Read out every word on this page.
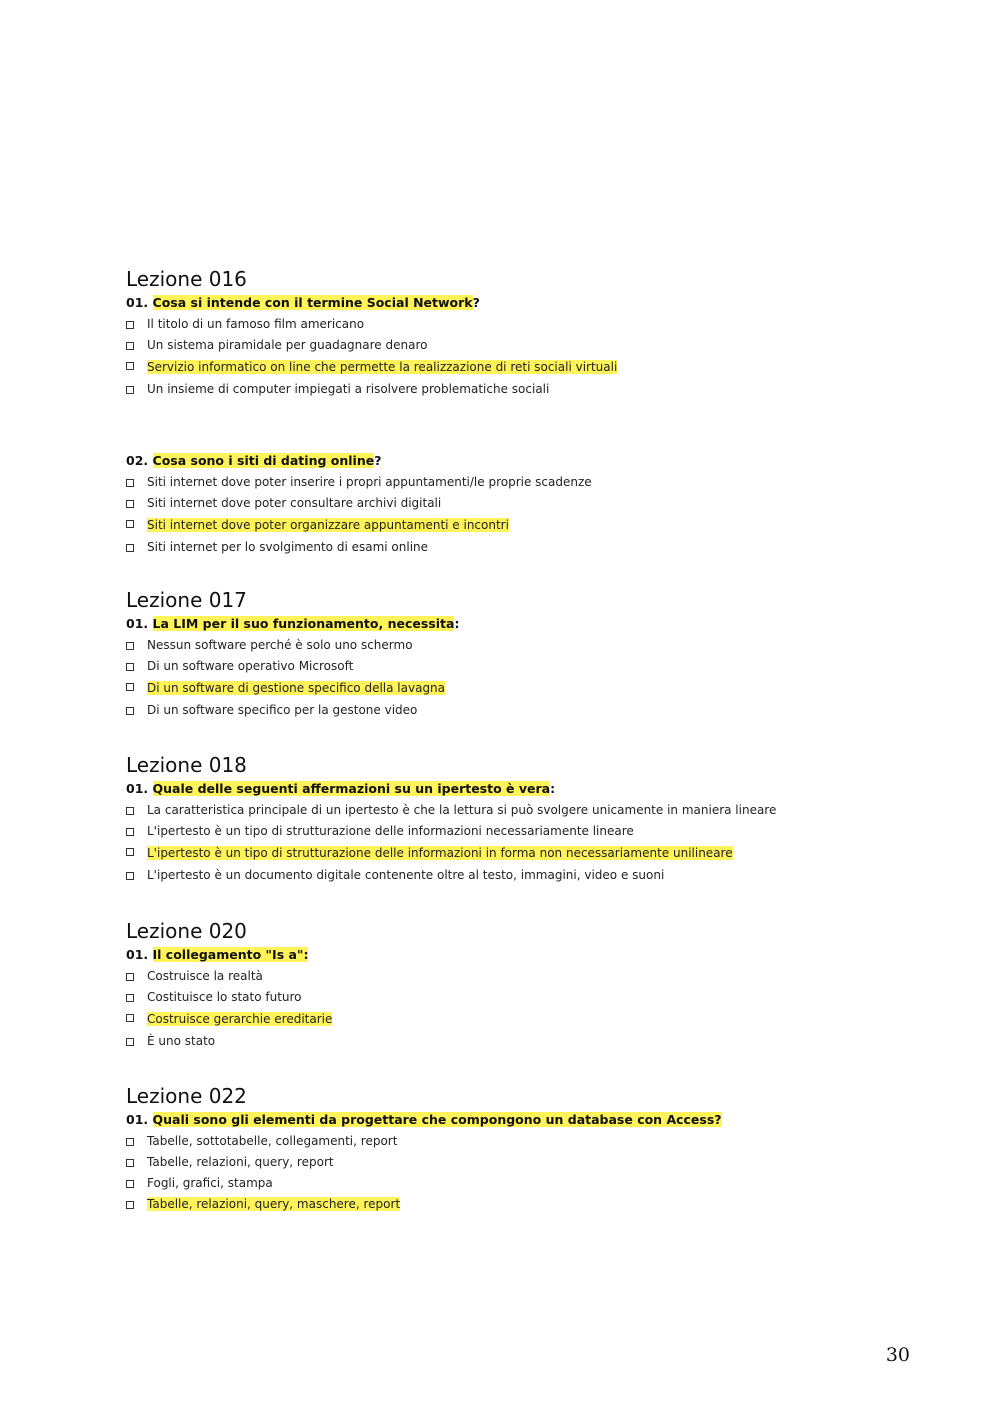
Lezione 016
01. Cosa si intende con il termine Social Network?
Il titolo di un famoso film americano
Un sistema piramidale per guadagnare denaro
Servizio informatico on line che permette la realizzazione di reti sociali virtuali
Un insieme di computer impiegati a risolvere problematiche sociali
02. Cosa sono i siti di dating online?
Siti internet dove poter inserire i propri appuntamenti/le proprie scadenze
Siti internet dove poter consultare archivi digitali
Siti internet dove poter organizzare appuntamenti e incontri
Siti internet per lo svolgimento di esami online
Lezione 017
01. La LIM per il suo funzionamento, necessita:
Nessun software perché è solo uno schermo
Di un software operativo Microsoft
Di un software di gestione specifico della lavagna
Di un software specifico per la gestone video
Lezione 018
01. Quale delle seguenti affermazioni su un ipertesto è vera:
La caratteristica principale di un ipertesto è che la lettura si può svolgere unicamente in maniera lineare
L'ipertesto è un tipo di strutturazione delle informazioni necessariamente lineare
L'ipertesto è un tipo di strutturazione delle informazioni in forma non necessariamente unilineare
L'ipertesto è un documento digitale contenente oltre al testo, immagini, video e suoni
Lezione 020
01. Il collegamento "Is a":
Costruisce la realtà
Costituisce lo stato futuro
Costruisce gerarchie ereditarie
È uno stato
Lezione 022
01. Quali sono gli elementi da progettare che compongono un database con Access?
Tabelle, sottotabelle, collegamenti, report
Tabelle, relazioni, query, report
Fogli, grafici, stampa
Tabelle, relazioni, query, maschere, report
30
